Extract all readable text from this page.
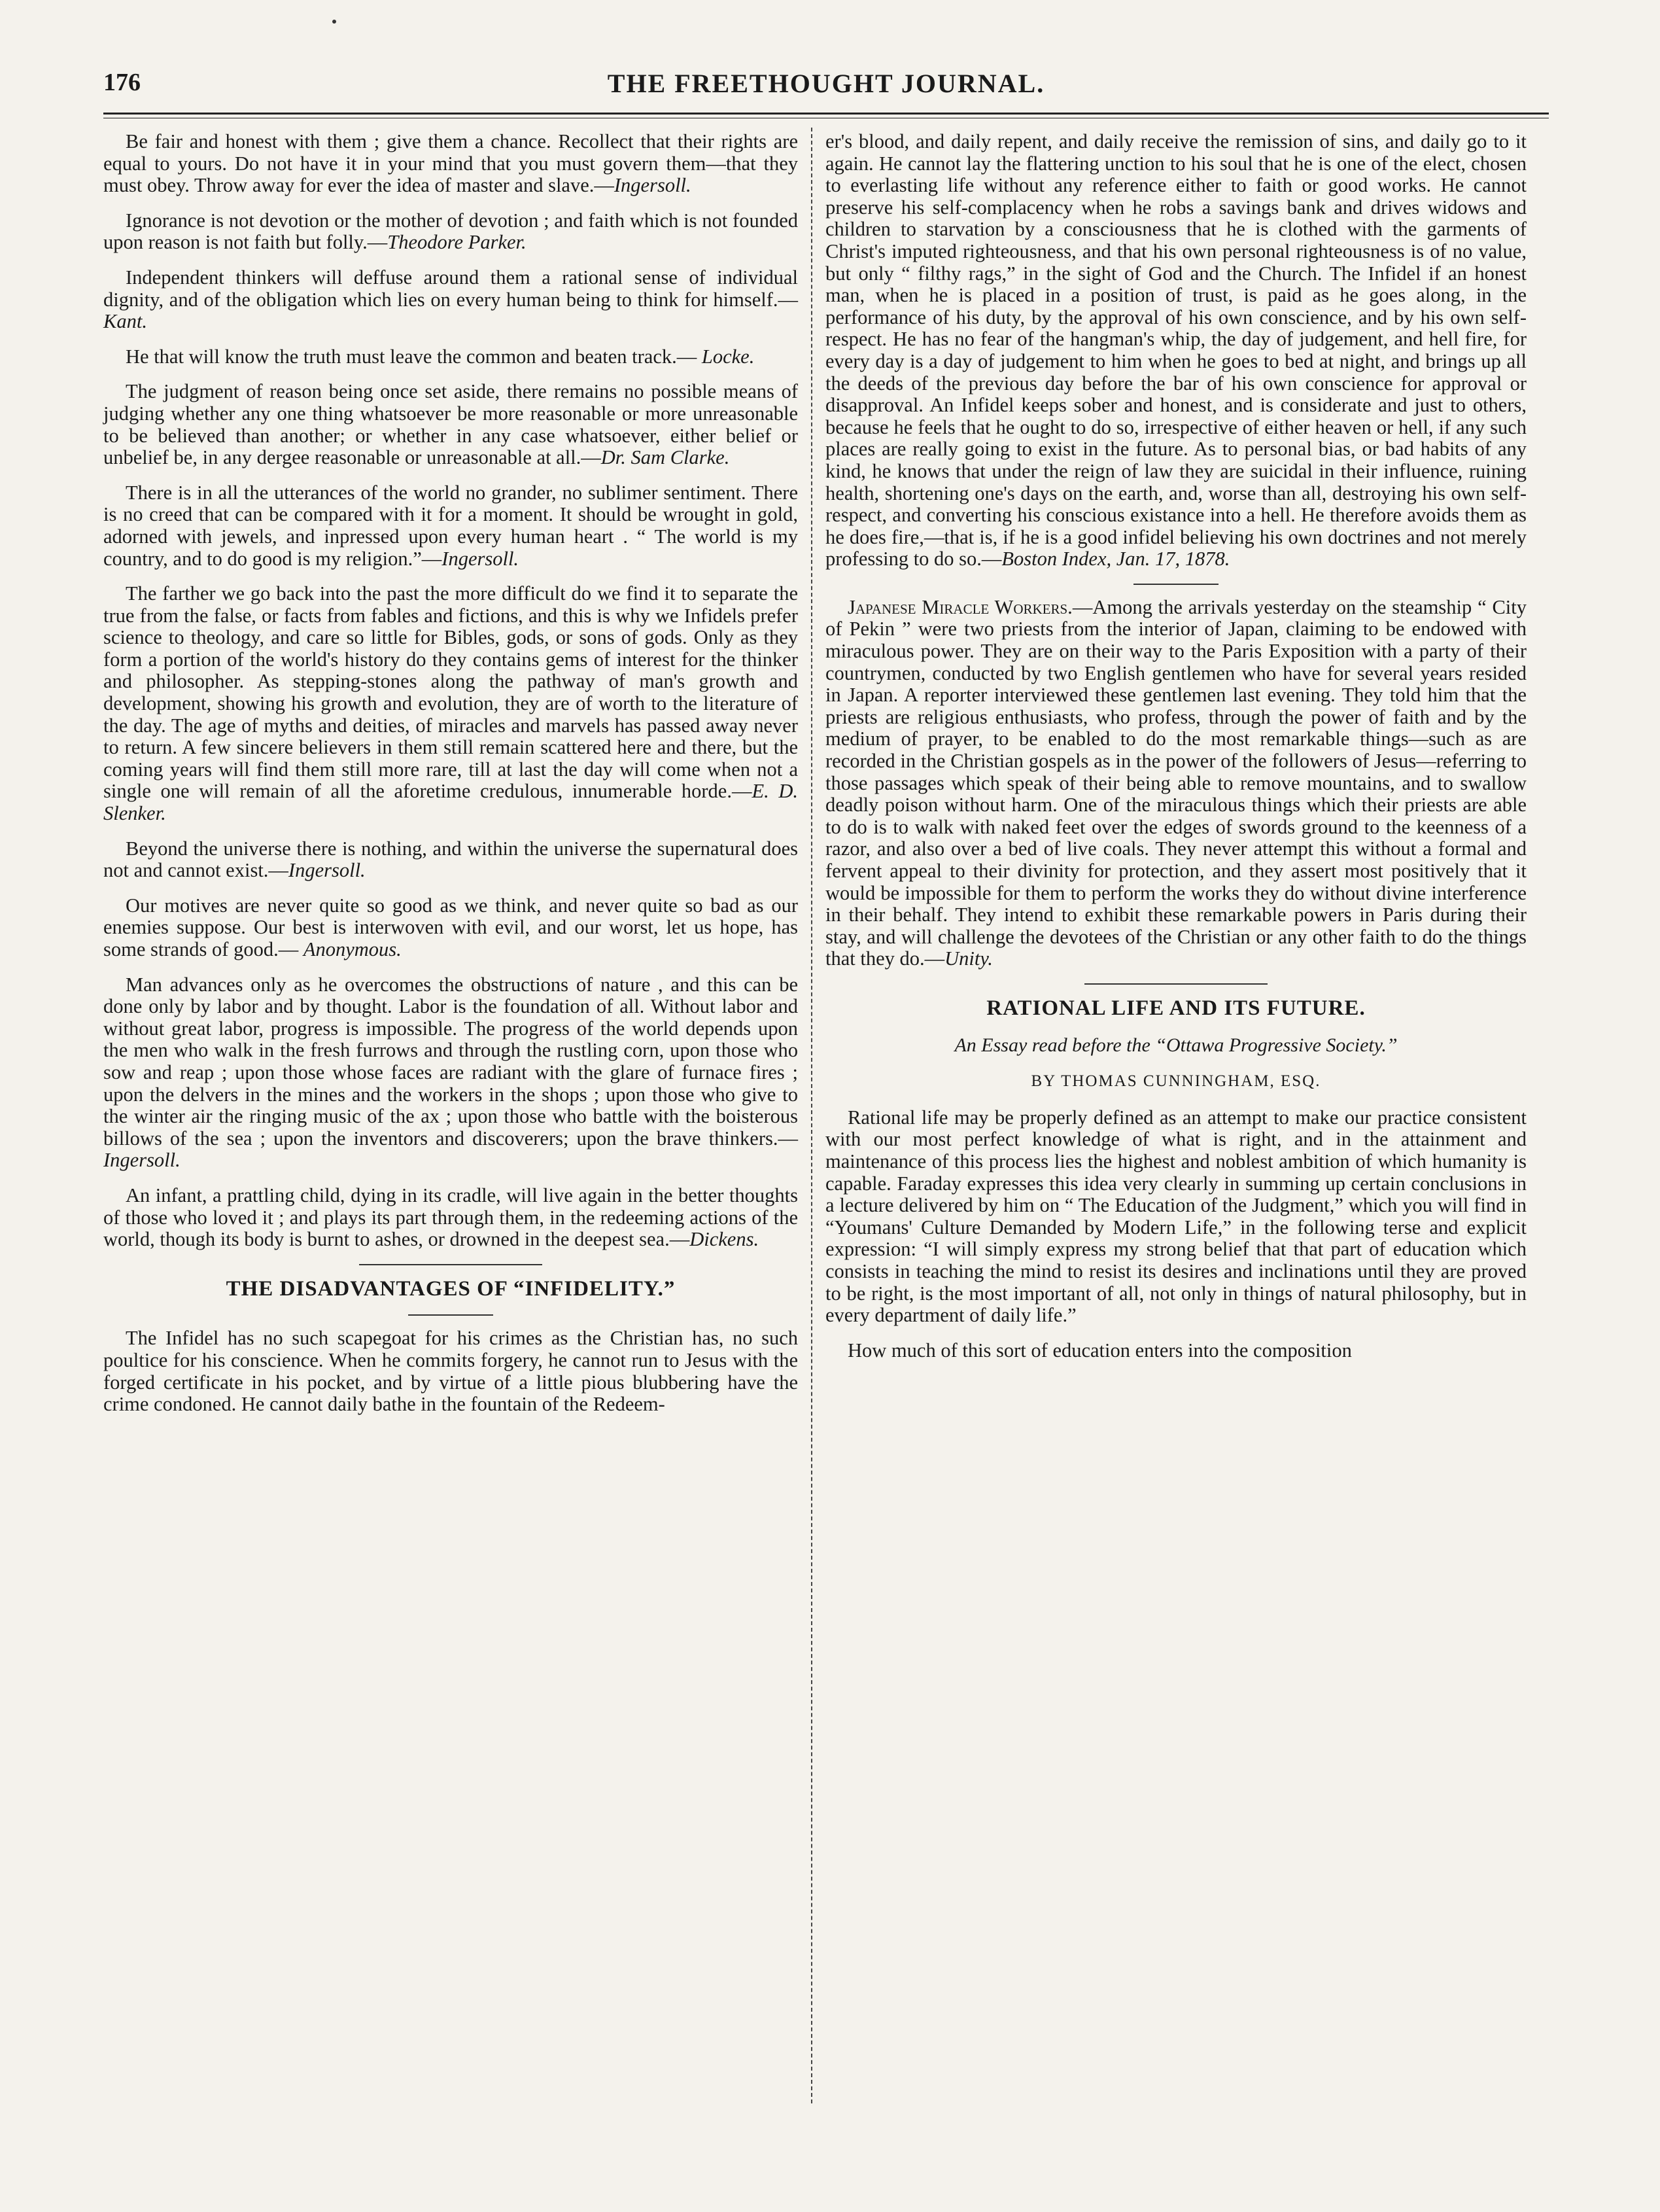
176	THE FREETHOUGHT JOURNAL.

Be fair and honest with them ; give them a chance. Recollect that their rights are equal to yours. Do not have it in your mind that you must govern them—that they must obey. Throw away for ever the idea of master and slave.—Ingersoll.

Ignorance is not devotion or the mother of devotion ; and faith which is not founded upon reason is not faith but folly.—Theodore Parker.

Independent thinkers will deffuse around them a rational sense of individual dignity, and of the obligation which lies on every human being to think for himself.—Kant.

He that will know the truth must leave the common and beaten track.— Locke.

The judgment of reason being once set aside, there remains no possible means of judging whether any one thing whatsoever be more reasonable or more unreasonable to be believed than another; or whether in any case whatsoever, either belief or unbelief be, in any dergee reasonable or unreasonable at all.—Dr. Sam Clarke.

There is in all the utterances of the world no grander, no sublimer sentiment. There is no creed that can be compared with it for a moment. It should be wrought in gold, adorned with jewels, and inpressed upon every human heart . “ The world is my country, and to do good is my religion.”—Ingersoll.

The farther we go back into the past the more difficult do we find it to separate the true from the false, or facts from fables and fictions, and this is why we Infidels prefer science to theology, and care so little for Bibles, gods, or sons of gods. Only as they form a portion of the world's history do they contains gems of interest for the thinker and philosopher. As stepping-stones along the pathway of man's growth and development, showing his growth and evolution, they are of worth to the literature of the day. The age of myths and deities, of miracles and marvels has passed away never to return. A few sincere believers in them still remain scattered here and there, but the coming years will find them still more rare, till at last the day will come when not a single one will remain of all the aforetime credulous, innumerable horde.—E. D. Slenker.

Beyond the universe there is nothing, and within the universe the supernatural does not and cannot exist.—Ingersoll.

Our motives are never quite so good as we think, and never quite so bad as our enemies suppose. Our best is interwoven with evil, and our worst, let us hope, has some strands of good.— Anonymous.

Man advances only as he overcomes the obstructions of nature , and this can be done only by labor and by thought. Labor is the foundation of all. Without labor and without great labor, progress is impossible. The progress of the world depends upon the men who walk in the fresh furrows and through the rustling corn, upon those who sow and reap ; upon those whose faces are radiant with the glare of furnace fires ; upon the delvers in the mines and the workers in the shops ; upon those who give to the winter air the ringing music of the ax ; upon those who battle with the boisterous billows of the sea ; upon the inventors and discoverers; upon the brave thinkers.—Ingersoll.

An infant, a prattling child, dying in its cradle, will live again in the better thoughts of those who loved it ; and plays its part through them, in the redeeming actions of the world, though its body is burnt to ashes, or drowned in the deepest sea.—Dickens.

THE DISADVANTAGES OF “INFIDELITY.”

The Infidel has no such scapegoat for his crimes as the Christian has, no such poultice for his conscience. When he commits forgery, he cannot run to Jesus with the forged certificate in his pocket, and by virtue of a little pious blubbering have the crime condoned. He cannot daily bathe in the fountain of the Redeem-

er's blood, and daily repent, and daily receive the remission of sins, and daily go to it again. He cannot lay the flattering unction to his soul that he is one of the elect, chosen to everlasting life without any reference either to faith or good works. He cannot preserve his self-complacency when he robs a savings bank and drives widows and children to starvation by a consciousness that he is clothed with the garments of Christ's imputed righteousness, and that his own personal righteousness is of no value, but only “ filthy rags,” in the sight of God and the Church. The Infidel if an honest man, when he is placed in a position of trust, is paid as he goes along, in the performance of his duty, by the approval of his own conscience, and by his own self-respect. He has no fear of the hangman's whip, the day of judgement, and hell fire, for every day is a day of judgement to him when he goes to bed at night, and brings up all the deeds of the previous day before the bar of his own conscience for approval or disapproval. An Infidel keeps sober and honest, and is considerate and just to others, because he feels that he ought to do so, irrespective of either heaven or hell, if any such places are really going to exist in the future. As to personal bias, or bad habits of any kind, he knows that under the reign of law they are suicidal in their influence, ruining health, shortening one's days on the earth, and, worse than all, destroying his own self-respect, and converting his conscious existance into a hell. He therefore avoids them as he does fire,—that is, if he is a good infidel believing his own doctrines and not merely professing to do so.—Boston Index, Jan. 17, 1878.

Japanese Miracle Workers.—Among the arrivals yesterday on the steamship “ City of Pekin ” were two priests from the interior of Japan, claiming to be endowed with miraculous power. They are on their way to the Paris Exposition with a party of their countrymen, conducted by two English gentlemen who have for several years resided in Japan. A reporter interviewed these gentlemen last evening. They told him that the priests are religious enthusiasts, who profess, through the power of faith and by the medium of prayer, to be enabled to do the most remarkable things—such as are recorded in the Christian gospels as in the power of the followers of Jesus—referring to those passages which speak of their being able to remove mountains, and to swallow deadly poison without harm. One of the miraculous things which their priests are able to do is to walk with naked feet over the edges of swords ground to the keenness of a razor, and also over a bed of live coals. They never attempt this without a formal and fervent appeal to their divinity for protection, and they assert most positively that it would be impossible for them to perform the works they do without divine interference in their behalf. They intend to exhibit these remarkable powers in Paris during their stay, and will challenge the devotees of the Christian or any other faith to do the things that they do.—Unity.

RATIONAL LIFE AND ITS FUTURE.
An Essay read before the “Ottawa Progressive Society.”
BY THOMAS CUNNINGHAM, ESQ.

Rational life may be properly defined as an attempt to make our practice consistent with our most perfect knowledge of what is right, and in the attainment and maintenance of this process lies the highest and noblest ambition of which humanity is capable. Faraday expresses this idea very clearly in summing up certain conclusions in a lecture delivered by him on “ The Education of the Judgment,” which you will find in “Youmans' Culture Demanded by Modern Life,” in the following terse and explicit expression: “I will simply express my strong belief that that part of education which consists in teaching the mind to resist its desires and inclinations until they are proved to be right, is the most important of all, not only in things of natural philosophy, but in every department of daily life.”

How much of this sort of education enters into the composition
